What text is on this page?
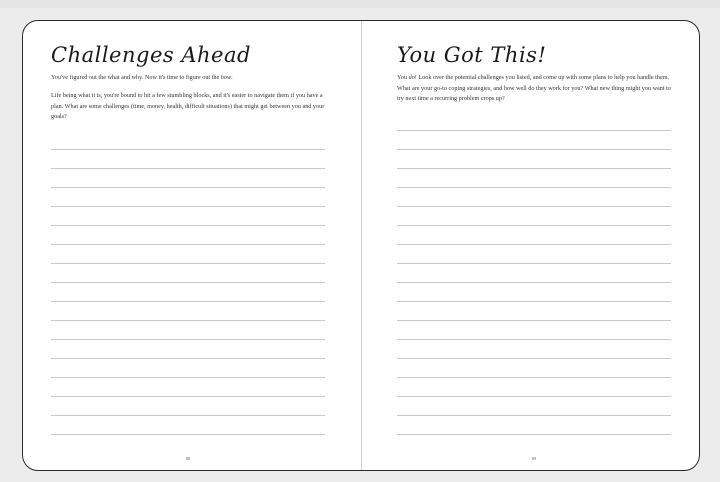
Challenges Ahead

You've figured out the what and why. Now it's time to figure out the how.

Life being what it is, you're bound to hit a few stumbling blocks, and it's easier to navigate them if you have a plan. What are some challenges (time, money, health, difficult situations) that might get between you and your goals?

88
You Got This!

You do! Look over the potential challenges you listed, and come up with some plans to help you handle them. What are your go-to coping strategies, and how well do they work for you? What new thing might you want to try next time a recurring problem crops up?

89
